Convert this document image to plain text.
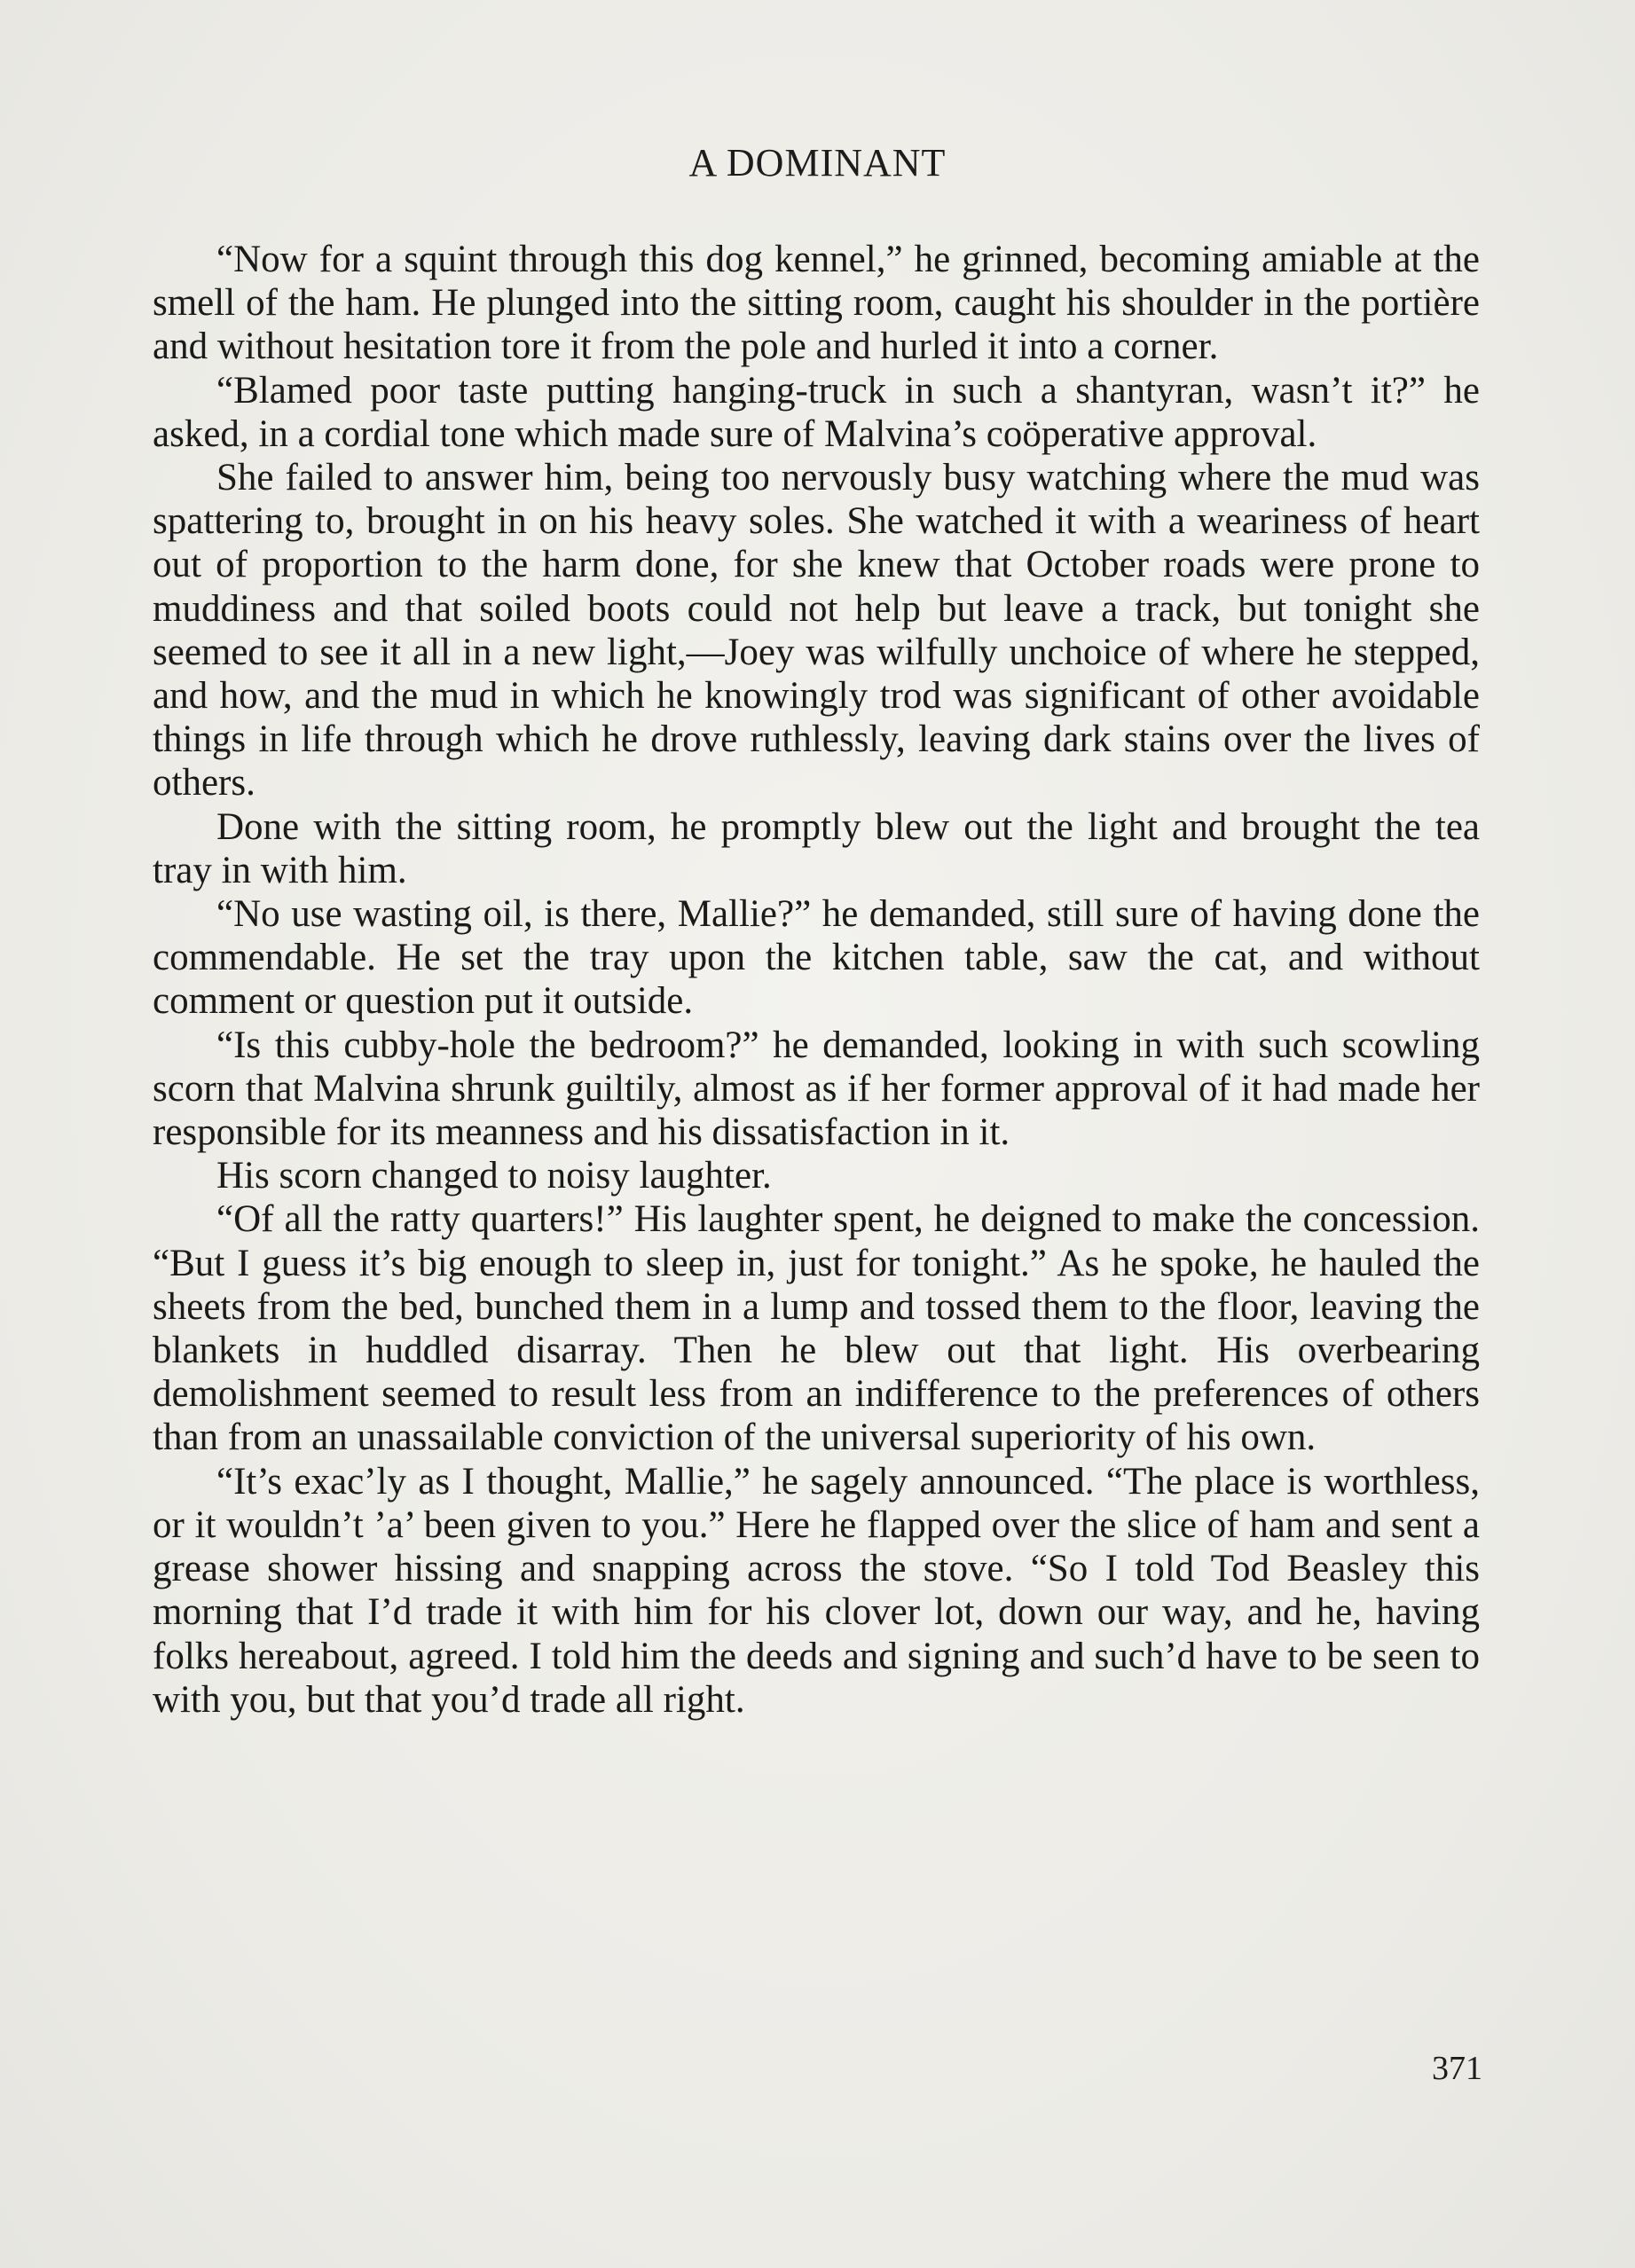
A DOMINANT

“Now for a squint through this dog kennel,” he grinned, becoming amiable at the smell of the ham. He plunged into the sitting room, caught his shoulder in the portière and without hesitation tore it from the pole and hurled it into a corner.

“Blamed poor taste putting hanging-truck in such a shantyran, wasn’t it?” he asked, in a cordial tone which made sure of Malvina’s coöperative approval.

She failed to answer him, being too nervously busy watching where the mud was spattering to, brought in on his heavy soles. She watched it with a weariness of heart out of proportion to the harm done, for she knew that October roads were prone to muddiness and that soiled boots could not help but leave a track, but tonight she seemed to see it all in a new light,—Joey was wilfully unchoice of where he stepped, and how, and the mud in which he knowingly trod was significant of other avoidable things in life through which he drove ruthlessly, leaving dark stains over the lives of others.

Done with the sitting room, he promptly blew out the light and brought the tea tray in with him.

“No use wasting oil, is there, Mallie?” he demanded, still sure of having done the commendable. He set the tray upon the kitchen table, saw the cat, and without comment or question put it outside.

“Is this cubby-hole the bedroom?” he demanded, looking in with such scowling scorn that Malvina shrunk guiltily, almost as if her former approval of it had made her responsible for its meanness and his dissatisfaction in it.

His scorn changed to noisy laughter.

“Of all the ratty quarters!” His laughter spent, he deigned to make the concession. “But I guess it’s big enough to sleep in, just for tonight.” As he spoke, he hauled the sheets from the bed, bunched them in a lump and tossed them to the floor, leaving the blankets in huddled disarray. Then he blew out that light. His overbearing demolishment seemed to result less from an indifference to the preferences of others than from an unassailable conviction of the universal superiority of his own.

“It’s exac’ly as I thought, Mallie,” he sagely announced. “The place is worthless, or it wouldn’t ’a’ been given to you.” Here he flapped over the slice of ham and sent a grease shower hissing and snapping across the stove. “So I told Tod Beasley this morning that I’d trade it with him for his clover lot, down our way, and he, having folks hereabout, agreed. I told him the deeds and signing and such’d have to be seen to with you, but that you’d trade all right.

371
